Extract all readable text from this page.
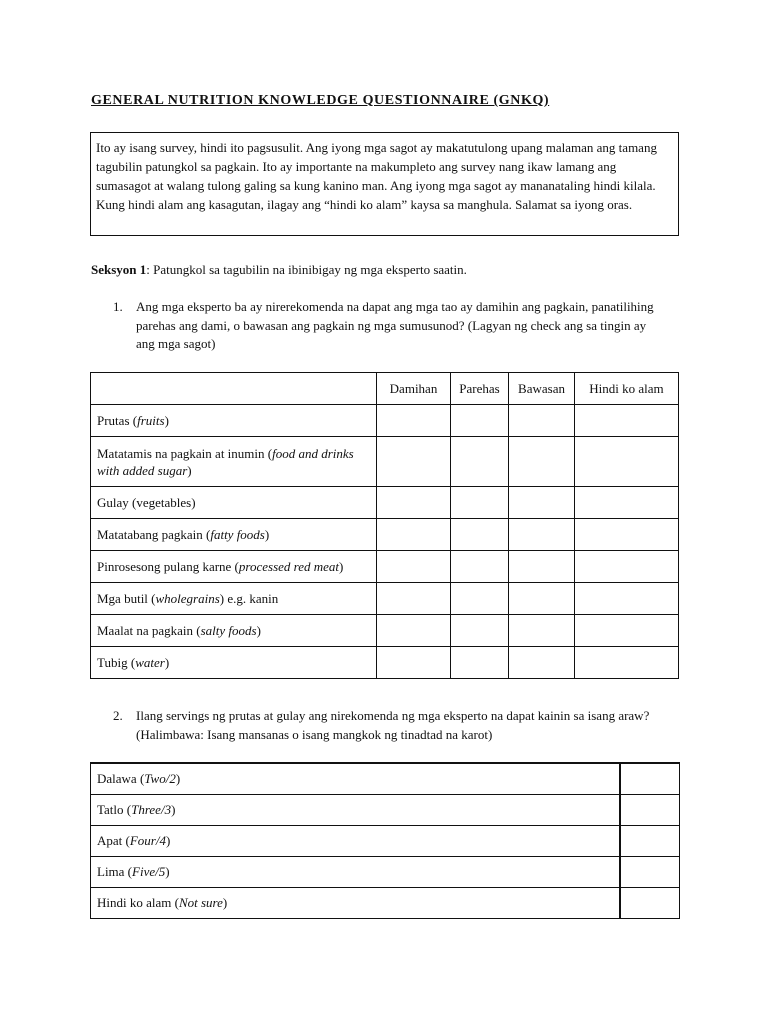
GENERAL NUTRITION KNOWLEDGE QUESTIONNAIRE (GNKQ)
Ito ay isang survey, hindi ito pagsusulit. Ang iyong mga sagot ay makatutulong upang malaman ang tamang tagubilin patungkol sa pagkain. Ito ay importante na makumpleto ang survey nang ikaw lamang ang sumasagot at walang tulong galing sa kung kanino man. Ang iyong mga sagot ay mananataling hindi kilala. Kung hindi alam ang kasagutan, ilagay ang “hindi ko alam” kaysa sa manghula. Salamat sa iyong oras.
Seksyon 1: Patungkol sa tagubilin na ibinibigay ng mga eksperto saatin.
1. Ang mga eksperto ba ay nirerekomenda na dapat ang mga tao ay damihin ang pagkain, panatilihing parehas ang dami, o bawasan ang pagkain ng mga sumusunod? (Lagyan ng check ang sa tingin ay ang mga sagot)
	Damihan	Parehas	Bawasan	Hindi ko alam
Prutas (fruits)				
Matatamis na pagkain at inumin (food and drinks with added sugar)				
Gulay (vegetables)				
Matatabang pagkain (fatty foods)				
Pinrosesong pulang karne (processed red meat)				
Mga butil (wholegrains) e.g. kanin				
Maalat na pagkain (salty foods)				
Tubig (water)				
2. Ilang servings ng prutas at gulay ang nirekomenda ng mga eksperto na dapat kainin sa isang araw? (Halimbawa: Isang mansanas o isang mangkok ng tinadtad na karot)
Dalawa (Two/2)	
Tatlo (Three/3)	
Apat (Four/4)	
Lima (Five/5)	
Hindi ko alam (Not sure)	
